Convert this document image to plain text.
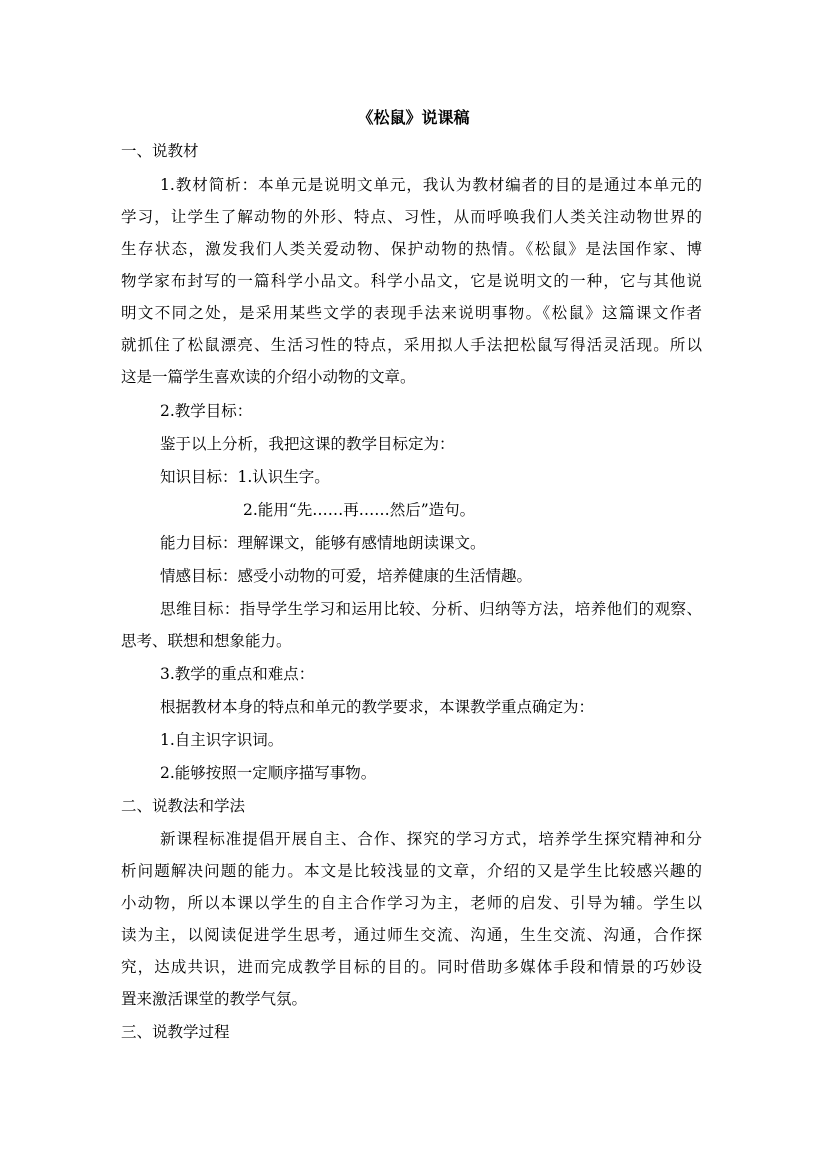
《松鼠》说课稿
一、说教材
1.教材简析：本单元是说明文单元，我认为教材编者的目的是通过本单元的
学习，让学生了解动物的外形、特点、习性，从而呼唤我们人类关注动物世界的
生存状态，激发我们人类关爱动物、保护动物的热情。《松鼠》是法国作家、博
物学家布封写的一篇科学小品文。科学小品文，它是说明文的一种，它与其他说
明文不同之处，是采用某些文学的表现手法来说明事物。《松鼠》这篇课文作者
就抓住了松鼠漂亮、生活习性的特点，采用拟人手法把松鼠写得活灵活现。所以
这是一篇学生喜欢读的介绍小动物的文章。
2.教学目标：
鉴于以上分析，我把这课的教学目标定为：
知识目标：1.认识生字。
2.能用“先……再……然后”造句。
能力目标：理解课文，能够有感情地朗读课文。
情感目标：感受小动物的可爱，培养健康的生活情趣。
思维目标：指导学生学习和运用比较、分析、归纳等方法，培养他们的观察、
思考、联想和想象能力。
3.教学的重点和难点：
根据教材本身的特点和单元的教学要求，本课教学重点确定为：
1.自主识字识词。
2.能够按照一定顺序描写事物。
二、说教法和学法
新课程标准提倡开展自主、合作、探究的学习方式，培养学生探究精神和分
析问题解决问题的能力。本文是比较浅显的文章，介绍的又是学生比较感兴趣的
小动物，所以本课以学生的自主合作学习为主，老师的启发、引导为辅。学生以
读为主，以阅读促进学生思考，通过师生交流、沟通，生生交流、沟通，合作探
究，达成共识，进而完成教学目标的目的。同时借助多媒体手段和情景的巧妙设
置来激活课堂的教学气氛。
三、说教学过程
